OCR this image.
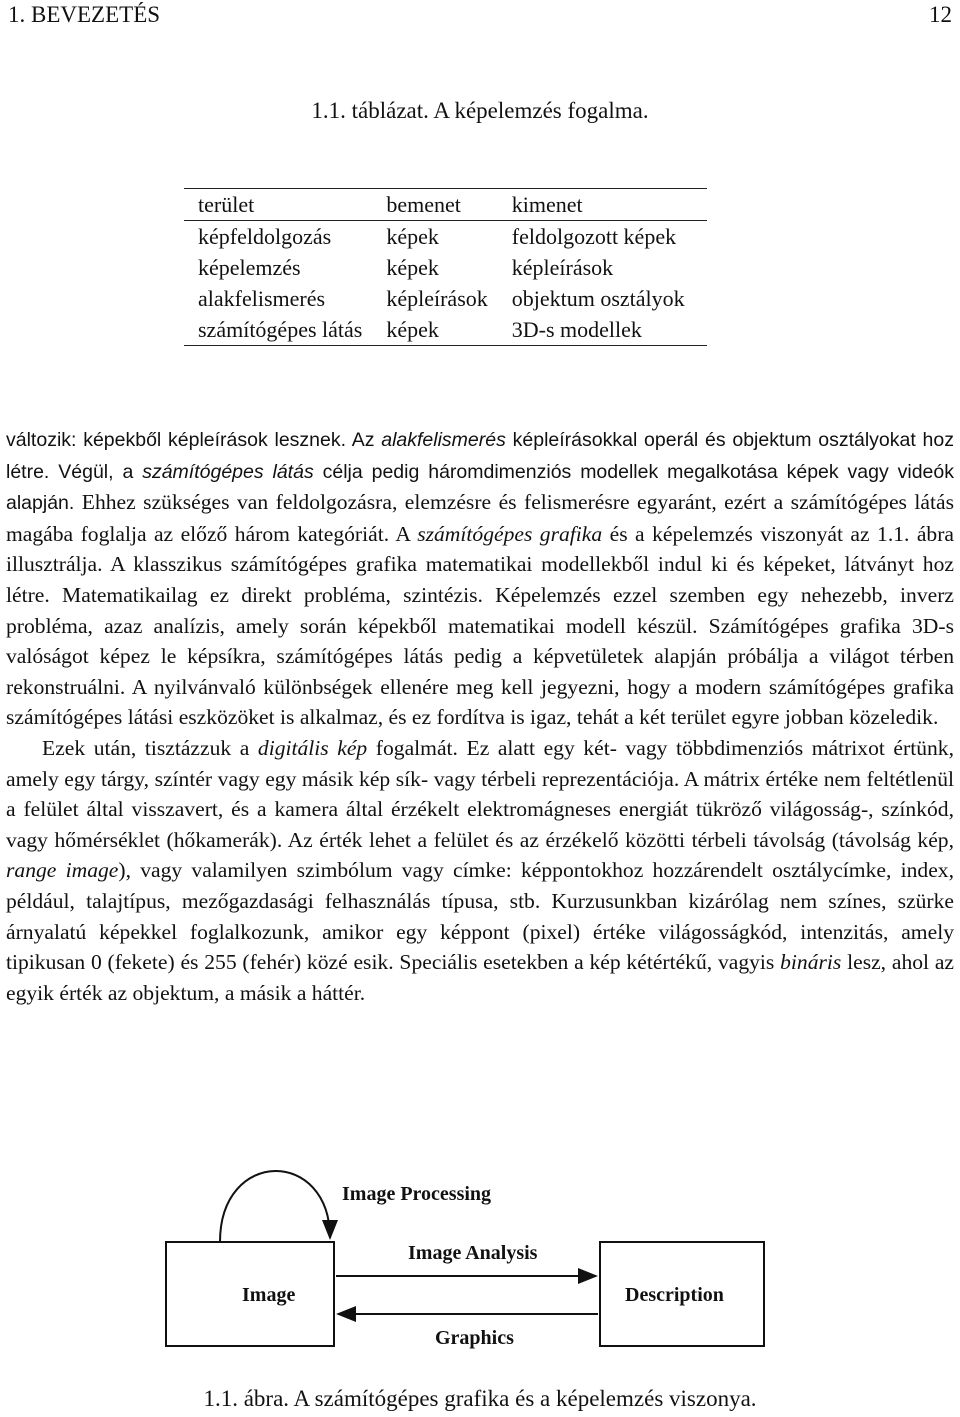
1. BEVEZETÉS	12
1.1. táblázat. A képelemzés fogalma.
terület	bemenet	kimenet
képfeldolgozás	képek	feldolgozott képek
képelemzés	képek	képleírások
alakfelismerés	képleírások	objektum osztályok
számítógépes látás	képek	3D-s modellek

változik: képekből képleírások lesznek. Az alakfelismerés képleírásokkal operál és objektum osztályokat hoz létre. Végül, a számítógépes látás célja pedig háromdimenziós modellek megalkotása képek vagy videók alapján. Ehhez szükséges van feldolgozásra, elemzésre és felismerésre egyaránt, ezért a számítógépes látás magába foglalja az előző három kategóriát. A számítógépes grafika és a képelemzés viszonyát az 1.1. ábra illusztrálja. A klasszikus számítógépes grafika matematikai modellekből indul ki és képeket, látványt hoz létre. Matematikailag ez direkt probléma, szintézis. Képelemzés ezzel szemben egy nehezebb, inverz probléma, azaz analízis, amely során képekből matematikai modell készül. Számítógépes grafika 3D-s valóságot képez le képsíkra, számítógépes látás pedig a képvetületek alapján próbálja a világot térben rekonstruálni. A nyilvánvaló különbségek ellenére meg kell jegyezni, hogy a modern számítógépes grafika számítógépes látási eszközöket is alkalmaz, és ez fordítva is igaz, tehát a két terület egyre jobban közeledik.

Ezek után, tisztázzuk a digitális kép fogalmát. Ez alatt egy két- vagy többdimenziós mátrixot értünk, amely egy tárgy, színtér vagy egy másik kép sík- vagy térbeli reprezentációja. A mátrix értéke nem feltétlenül a felület által visszavert, és a kamera által érzékelt elektromágneses energiát tükröző világosság-, színkód, vagy hőmérséklet (hőkamerák). Az érték lehet a felület és az érzékelő közötti térbeli távolság (távolság kép, range image), vagy valamilyen szimbólum vagy címke: képpontokhoz hozzárendelt osztálycímke, index, például, talajtípus, mezőgazdasági felhasználás típusa, stb. Kurzusunkban kizárólag nem színes, szürke árnyalatú képekkel foglalkozunk, amikor egy képpont (pixel) értéke világosságkód, intenzitás, amely tipikusan 0 (fekete) és 255 (fehér) közé esik. Speciális esetekben a kép kétértékű, vagyis bináris lesz, ahol az egyik érték az objektum, a másik a háttér.

Image Processing
Image Analysis
Image	Description
Graphics
1.1. ábra. A számítógépes grafika és a képelemzés viszonya.
